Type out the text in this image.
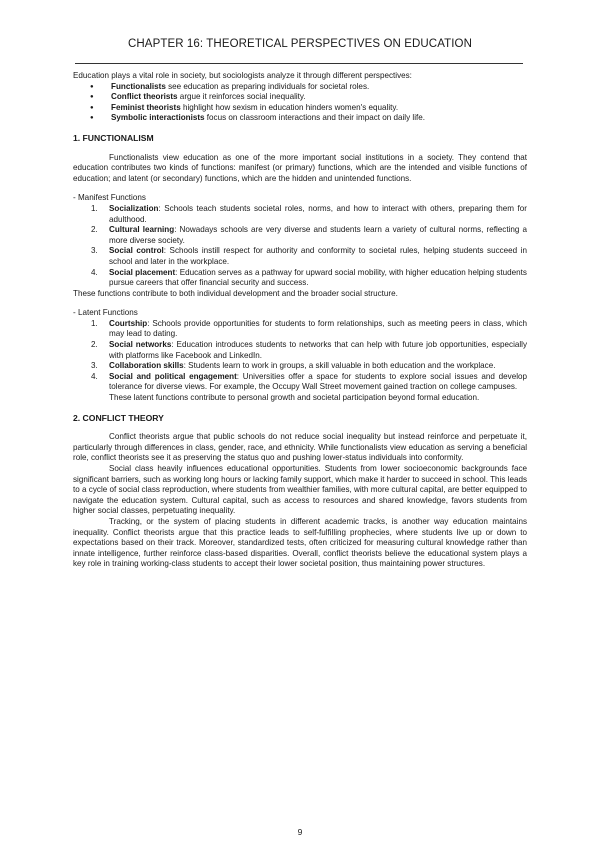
CHAPTER 16: THEORETICAL PERSPECTIVES ON EDUCATION

Education plays a vital role in society, but sociologists analyze it through different perspectives:

● Functionalists see education as preparing individuals for societal roles.
● Conflict theorists argue it reinforces social inequality.
● Feminist theorists highlight how sexism in education hinders women's equality.
● Symbolic interactionists focus on classroom interactions and their impact on daily life.
1. FUNCTIONALISM

Functionalists view education as one of the more important social institutions in a society. They contend that education contributes two kinds of functions: manifest (or primary) functions, which are the intended and visible functions of education; and latent (or secondary) functions, which are the hidden and unintended functions.

- Manifest Functions

1. Socialization: Schools teach students societal roles, norms, and how to interact with others, preparing them for adulthood.
2. Cultural learning: Nowadays schools are very diverse and students learn a variety of cultural norms, reflecting a more diverse society.
3. Social control: Schools instill respect for authority and conformity to societal rules, helping students succeed in school and later in the workplace.
4. Social placement: Education serves as a pathway for upward social mobility, with higher education helping students pursue careers that offer financial security and success.

These functions contribute to both individual development and the broader social structure.

- Latent Functions

1. Courtship: Schools provide opportunities for students to form relationships, such as meeting peers in class, which may lead to dating.
2. Social networks: Education introduces students to networks that can help with future job opportunities, especially with platforms like Facebook and LinkedIn.
3. Collaboration skills: Students learn to work in groups, a skill valuable in both education and the workplace.
4. Social and political engagement: Universities offer a space for students to explore social issues and develop tolerance for diverse views. For example, the Occupy Wall Street movement gained traction on college campuses.

These latent functions contribute to personal growth and societal participation beyond formal education.

2. CONFLICT THEORY

Conflict theorists argue that public schools do not reduce social inequality but instead reinforce and perpetuate it, particularly through differences in class, gender, race, and ethnicity. While functionalists view education as serving a beneficial role, conflict theorists see it as preserving the status quo and pushing lower-status individuals into conformity.

Social class heavily influences educational opportunities. Students from lower socioeconomic backgrounds face significant barriers, such as working long hours or lacking family support, which make it harder to succeed in school. This leads to a cycle of social class reproduction, where students from wealthier families, with more cultural capital, are better equipped to navigate the education system. Cultural capital, such as access to resources and shared knowledge, favors students from higher social classes, perpetuating inequality.

Tracking, or the system of placing students in different academic tracks, is another way education maintains inequality. Conflict theorists argue that this practice leads to self-fulfilling prophecies, where students live up or down to expectations based on their track. Moreover, standardized tests, often criticized for measuring cultural knowledge rather than innate intelligence, further reinforce class-based disparities. Overall, conflict theorists believe the educational system plays a key role in training working-class students to accept their lower societal position, thus maintaining power structures.

9
